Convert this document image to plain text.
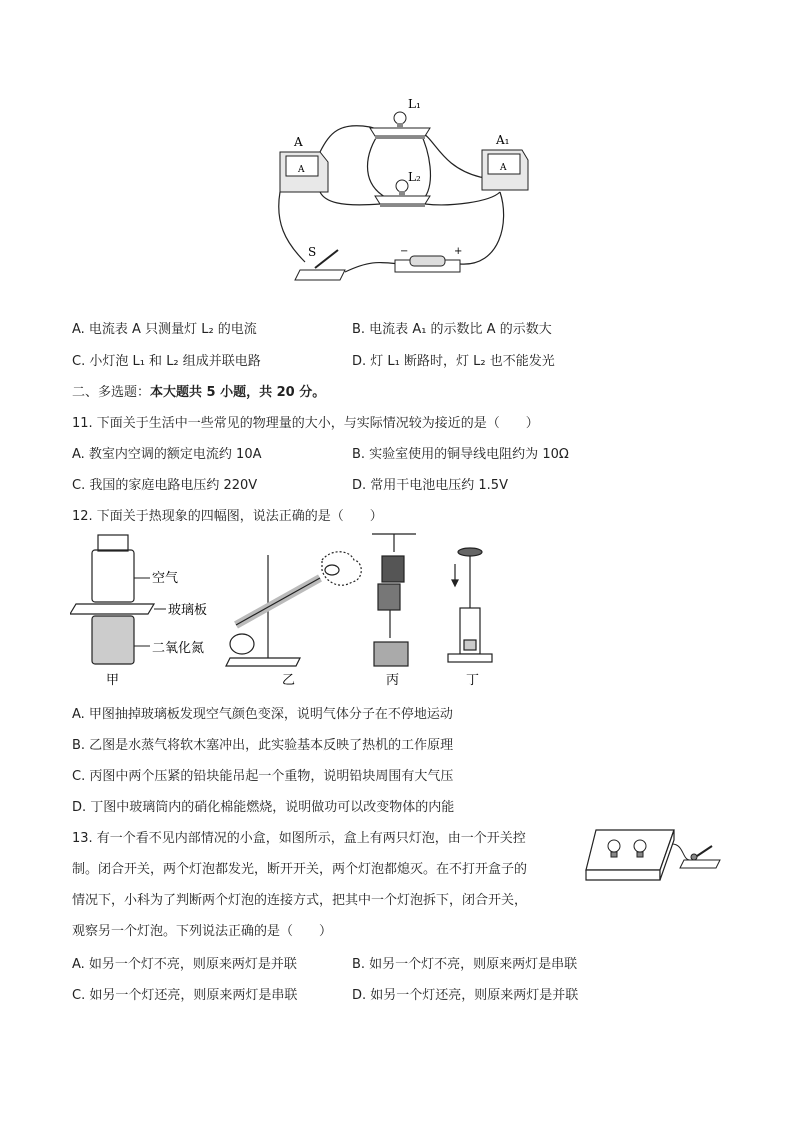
L₁
L₂
A
A
A
A₁
S	−	+
A. 电流表 A 只测量灯 L₂ 的电流	B. 电流表 A₁ 的示数比 A 的示数大
C. 小灯泡 L₁ 和 L₂ 组成并联电路	D. 灯 L₁ 断路时，灯 L₂ 也不能发光
二、多选题：本大题共 5 小题，共 20 分。
11. 下面关于生活中一些常见的物理量的大小，与实际情况较为接近的是（　　）
A. 教室内空调的额定电流约 10A	B. 实验室使用的铜导线电阻约为 10Ω
C. 我国的家庭电路电压约 220V	D. 常用干电池电压约 1.5V
12. 下面关于热现象的四幅图，说法正确的是（　　）
空气
玻璃板
二氧化氮
甲	乙	丙	丁
A. 甲图抽掉玻璃板发现空气颜色变深，说明气体分子在不停地运动
B. 乙图是水蒸气将软木塞冲出，此实验基本反映了热机的工作原理
C. 丙图中两个压紧的铅块能吊起一个重物，说明铅块周围有大气压
D. 丁图中玻璃筒内的硝化棉能燃烧，说明做功可以改变物体的内能
13. 有一个看不见内部情况的小盒，如图所示，盒上有两只灯泡，由一个开关控
制。闭合开关，两个灯泡都发光，断开开关，两个灯泡都熄灭。在不打开盒子的
情况下，小科为了判断两个灯泡的连接方式，把其中一个灯泡拆下，闭合开关，
观察另一个灯泡。下列说法正确的是（　　）
A. 如另一个灯不亮，则原来两灯是并联	B. 如另一个灯不亮，则原来两灯是串联
C. 如另一个灯还亮，则原来两灯是串联	D. 如另一个灯还亮，则原来两灯是并联
